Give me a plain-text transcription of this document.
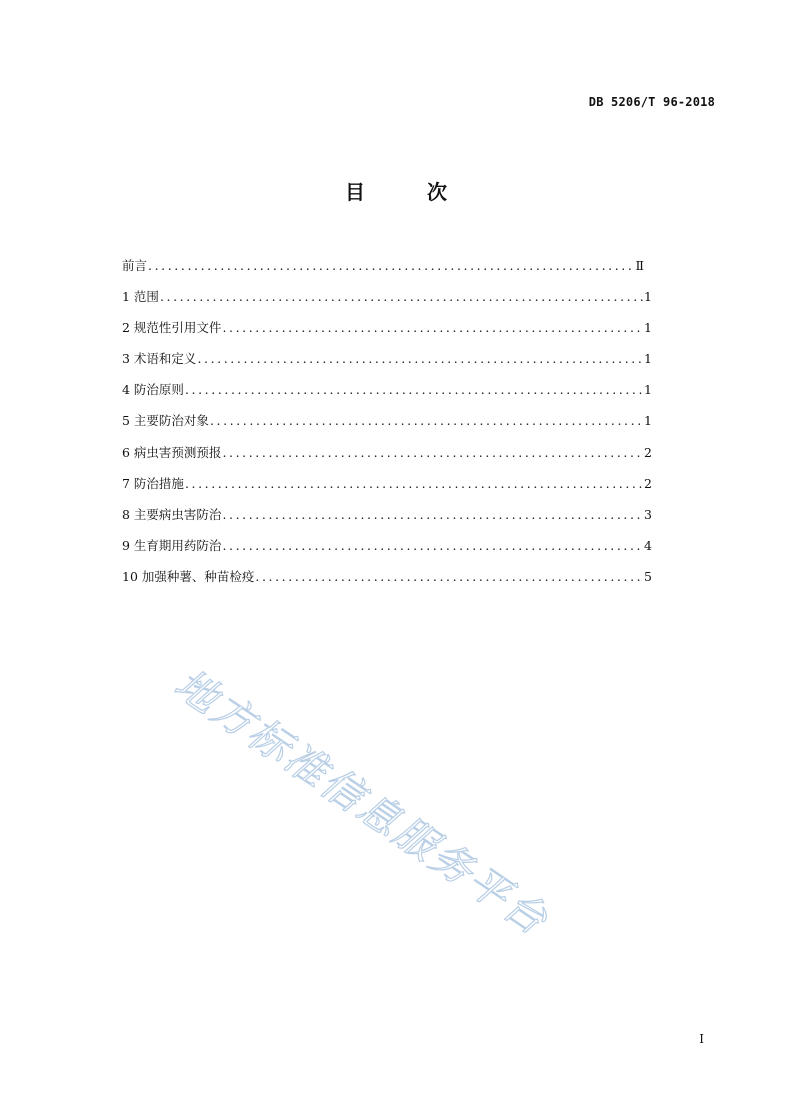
DB 5206/T 96-2018
目	次
前言 .....	Ⅱ
1 范围 .....	1
2 规范性引用文件 .....	1
3 术语和定义 .....	1
4 防治原则 .....	1
5 主要防治对象 .....	1
6 病虫害预测预报 .....	2
7 防治措施 .....	2
8 主要病虫害防治 .....	3
9 生育期用药防治 .....	4
10 加强种薯、种苗检疫 .....	5
地方标准信息服务平台
I
